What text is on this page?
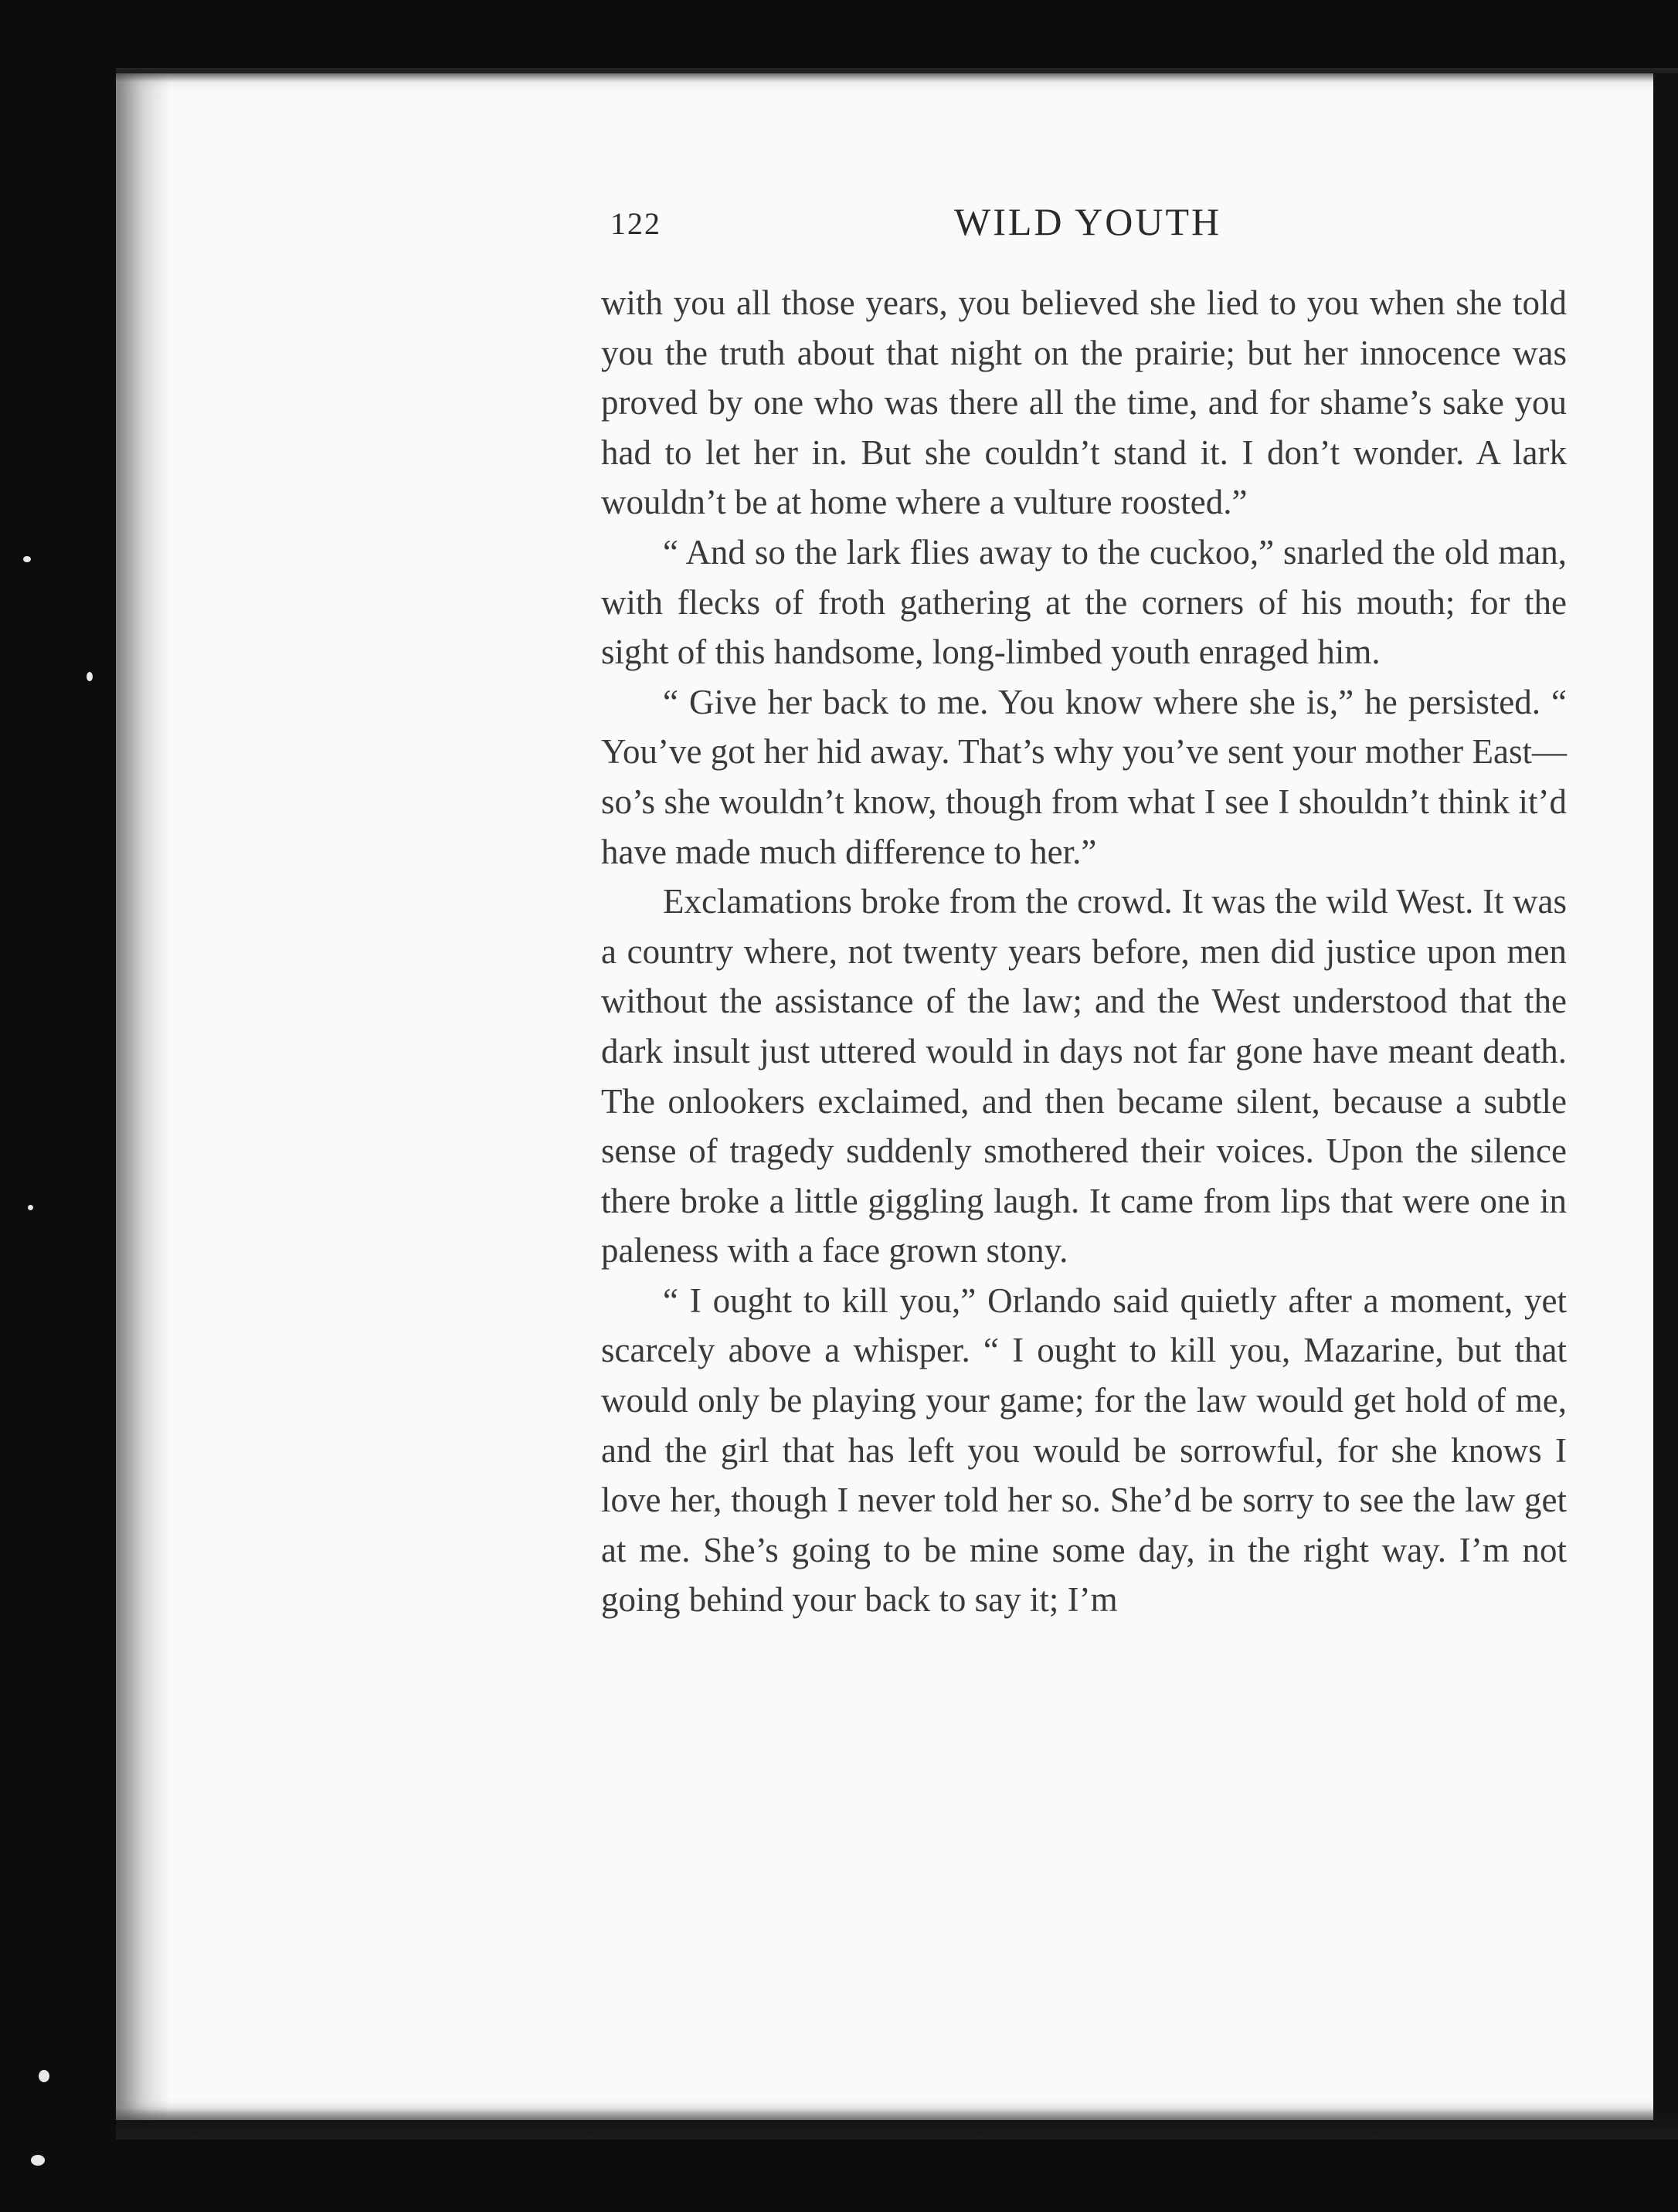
122	WILD YOUTH

with you all those years, you believed she lied to you when she told you the truth about that night on the prairie; but her innocence was proved by one who was there all the time, and for shame’s sake you had to let her in. But she couldn’t stand it. I don’t wonder. A lark wouldn’t be at home where a vulture roosted.”

“ And so the lark flies away to the cuckoo,” snarled the old man, with flecks of froth gathering at the corners of his mouth; for the sight of this handsome, long-limbed youth enraged him.

“ Give her back to me. You know where she is,” he persisted. “ You’ve got her hid away. That’s why you’ve sent your mother East—so’s she wouldn’t know, though from what I see I shouldn’t think it’d have made much difference to her.”

Exclamations broke from the crowd. It was the wild West. It was a country where, not twenty years before, men did justice upon men without the assistance of the law; and the West understood that the dark insult just uttered would in days not far gone have meant death. The onlookers exclaimed, and then became silent, because a subtle sense of tragedy suddenly smothered their voices. Upon the silence there broke a little giggling laugh. It came from lips that were one in paleness with a face grown stony.

“ I ought to kill you,” Orlando said quietly after a moment, yet scarcely above a whisper. “ I ought to kill you, Mazarine, but that would only be playing your game; for the law would get hold of me, and the girl that has left you would be sorrowful, for she knows I love her, though I never told her so. She’d be sorry to see the law get at me. She’s going to be mine some day, in the right way. I’m not going behind your back to say it; I’m
